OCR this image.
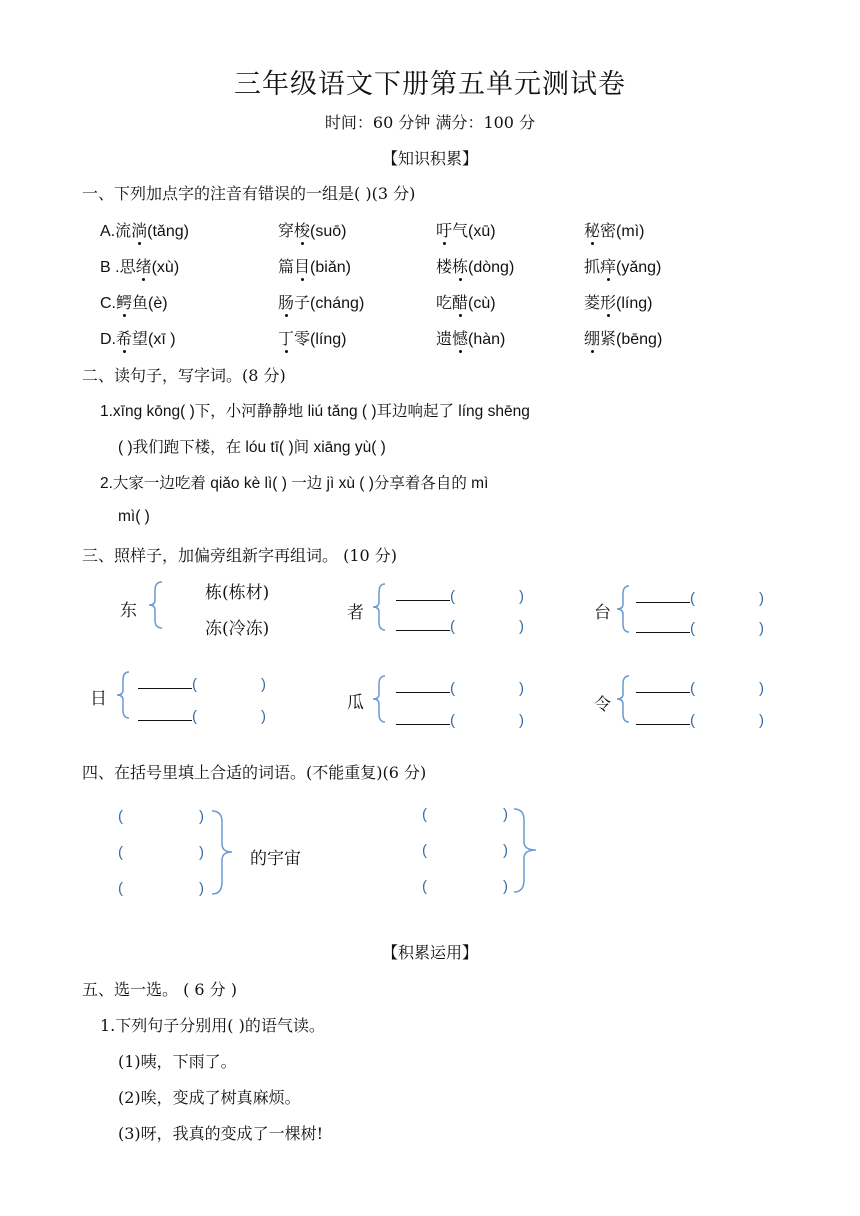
三年级语文下册第五单元测试卷
时间：60 分钟 满分：100 分
【知识积累】
一、下列加点字的注音有错误的一组是( )(3 分)
A.流淌(tǎng)	穿梭(suō)	吁气(xū)	秘密(mì)
B .思绪(xù)	篇目(biǎn)	楼栋(dòng)	抓痒(yǎng)
C.鳄鱼(è)	肠子(cháng)	吃醋(cù)	菱形(líng)
D.希望(xī )	丁零(líng)	遗憾(hàn)	绷紧(bēng)
二、读句子，写字词。(8 分)
1.xīng kōng( )下，小河静静地 liú tǎng ( )耳边响起了 líng shēng
( )我们跑下楼，在 lóu tī( )间 xiāng yù( )
2.大家一边吃着 qiǎo kè lì( ) 一边 jì xù ( )分享着各自的 mì
mì( )
三、照样子，加偏旁组新字再组词。 (10 分)
东
栋(栋材)
冻(冷冻)
者
(	)
(	)
台
(	)
(	)
日
(	)
(	)
瓜
(	)
(	)
令
(	)
(	)
四、在括号里填上合适的词语。(不能重复)(6 分)
(	)
(	)
(	)
的宇宙
(	)
(	)
(	)
【积累运用】
五、选一选。 ( 6 分 )
1.下列句子分别用( )的语气读。
(1)咦，下雨了。
(2)唉，变成了树真麻烦。
(3)呀，我真的变成了一棵树!
